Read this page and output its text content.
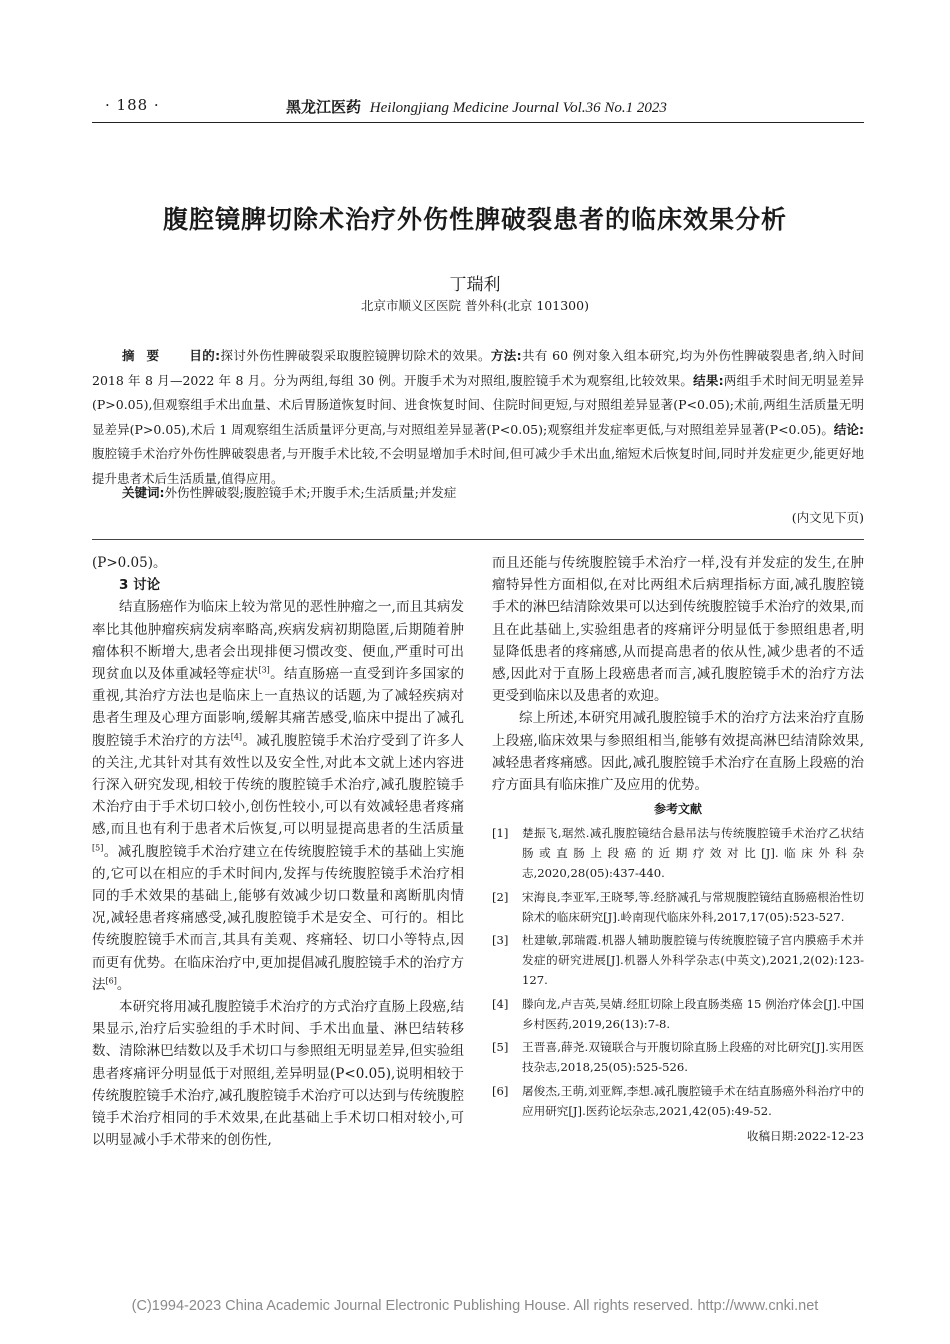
· 188 ·	黑龙江医药 Heilongjiang Medicine Journal Vol.36 No.1 2023
腹腔镜脾切除术治疗外伤性脾破裂患者的临床效果分析
丁瑞利
北京市顺义区医院 普外科(北京 101300)
摘要 目的:探讨外伤性脾破裂采取腹腔镜脾切除术的效果。方法:共有 60 例对象入组本研究,均为外伤性脾破裂患者,纳入时间 2018 年 8 月—2022 年 8 月。分为两组,每组 30 例。开腹手术为对照组,腹腔镜手术为观察组,比较效果。结果:两组手术时间无明显差异(P>0.05),但观察组手术出血量、术后胃肠道恢复时间、进食恢复时间、住院时间更短,与对照组差异显著(P<0.05);术前,两组生活质量无明显差异(P>0.05),术后 1 周观察组生活质量评分更高,与对照组差异显著(P<0.05);观察组并发症率更低,与对照组差异显著(P<0.05)。结论:腹腔镜手术治疗外伤性脾破裂患者,与开腹手术比较,不会明显增加手术时间,但可减少手术出血,缩短术后恢复时间,同时并发症更少,能更好地提升患者术后生活质量,值得应用。
关键词:外伤性脾破裂;腹腔镜手术;开腹手术;生活质量;并发症
(内文见下页)

(P>0.05)。

3 讨论

结直肠癌作为临床上较为常见的恶性肿瘤之一,而且其病发率比其他肿瘤疾病发病率略高,疾病发病初期隐匿,后期随着肿瘤体积不断增大,患者会出现排便习惯改变、便血,严重时可出现贫血以及体重减轻等症状[3]。结直肠癌一直受到许多国家的重视,其治疗方法也是临床上一直热议的话题,为了减轻疾病对患者生理及心理方面影响,缓解其痛苦感受,临床中提出了减孔腹腔镜手术治疗的方法[4]。减孔腹腔镜手术治疗受到了许多人的关注,尤其针对其有效性以及安全性,对此本文就上述内容进行深入研究发现,相较于传统的腹腔镜手术治疗,减孔腹腔镜手术治疗由于手术切口较小,创伤性较小,可以有效减轻患者疼痛感,而且也有利于患者术后恢复,可以明显提高患者的生活质量[5]。减孔腹腔镜手术治疗建立在传统腹腔镜手术的基础上实施的,它可以在相应的手术时间内,发挥与传统腹腔镜手术治疗相同的手术效果的基础上,能够有效减少切口数量和离断肌肉情况,减轻患者疼痛感受,减孔腹腔镜手术是安全、可行的。相比传统腹腔镜手术而言,其具有美观、疼痛轻、切口小等特点,因而更有优势。在临床治疗中,更加提倡减孔腹腔镜手术的治疗方法[6]。

本研究将用减孔腹腔镜手术治疗的方式治疗直肠上段癌,结果显示,治疗后实验组的手术时间、手术出血量、淋巴结转移数、清除淋巴结数以及手术切口与参照组无明显差异,但实验组患者疼痛评分明显低于对照组,差异明显(P<0.05),说明相较于传统腹腔镜手术治疗,减孔腹腔镜手术治疗可以达到与传统腹腔镜手术治疗相同的手术效果,在此基础上手术切口相对较小,可以明显减小手术带来的创伤性,

而且还能与传统腹腔镜手术治疗一样,没有并发症的发生,在肿瘤特异性方面相似,在对比两组术后病理指标方面,减孔腹腔镜手术的淋巴结清除效果可以达到传统腹腔镜手术治疗的效果,而且在此基础上,实验组患者的疼痛评分明显低于参照组患者,明显降低患者的疼痛感,从而提高患者的依从性,减少患者的不适感,因此对于直肠上段癌患者而言,减孔腹腔镜手术的治疗方法更受到临床以及患者的欢迎。

综上所述,本研究用减孔腹腔镜手术的治疗方法来治疗直肠上段癌,临床效果与参照组相当,能够有效提高淋巴结清除效果,减轻患者疼痛感。因此,减孔腹腔镜手术治疗在直肠上段癌的治疗方面具有临床推广及应用的优势。

参考文献
[1]	楚振飞,琚然.减孔腹腔镜结合悬吊法与传统腹腔镜手术治疗乙状结肠或直肠上段癌的近期疗效对比[J].临床外科杂志,2020,28(05):437-440.
[2]	宋海良,李亚军,王晓琴,等.经脐减孔与常规腹腔镜结直肠癌根治性切除术的临床研究[J].岭南现代临床外科,2017,17(05):523-527.
[3]	杜建敏,郭瑞霞.机器人辅助腹腔镜与传统腹腔镜子宫内膜癌手术并发症的研究进展[J].机器人外科学杂志(中英文),2021,2(02):123-127.
[4]	滕向龙,卢吉英,吴婧.经肛切除上段直肠类癌 15 例治疗体会[J].中国乡村医药,2019,26(13):7-8.
[5]	王晋喜,薛尧.双镜联合与开腹切除直肠上段癌的对比研究[J].实用医技杂志,2018,25(05):525-526.
[6]	屠俊杰,王萌,刘亚辉,李想.减孔腹腔镜手术在结直肠癌外科治疗中的应用研究[J].医药论坛杂志,2021,42(05):49-52.
收稿日期:2022-12-23
(C)1994-2023 China Academic Journal Electronic Publishing House. All rights reserved. http://www.cnki.net
